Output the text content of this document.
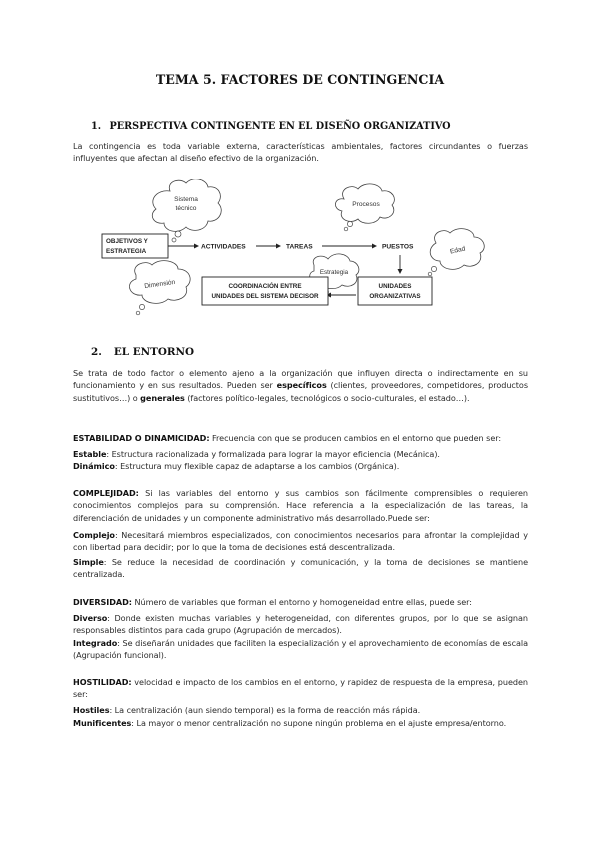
TEMA 5. FACTORES DE CONTINGENCIA
1. PERSPECTIVA CONTINGENTE EN EL DISEÑO ORGANIZATIVO
La contingencia es toda variable externa, características ambientales, factores circundantes o fuerzas influyentes que afectan al diseño efectivo de la organización.
Sistema
técnico
Procesos
Edad
Estrategia
Dimensión
OBJETIVOS Y
ESTRATEGIA
ACTIVIDADES	TAREAS	PUESTOS
UNIDADES
ORGANIZATIVAS
COORDINACIÓN ENTRE
UNIDADES DEL SISTEMA DECISOR
2. EL ENTORNO
Se trata de todo factor o elemento ajeno a la organización que influyen directa o indirectamente en su funcionamiento y en sus resultados. Pueden ser específicos (clientes, proveedores, competidores, productos sustitutivos…) o generales (factores político-legales, tecnológicos o socio-culturales, el estado…).
ESTABILIDAD O DINAMICIDAD: Frecuencia con que se producen cambios en el entorno que pueden ser:
Estable: Estructura racionalizada y formalizada para lograr la mayor eficiencia (Mecánica).
Dinámico: Estructura muy flexible capaz de adaptarse a los cambios (Orgánica).
COMPLEJIDAD: Si las variables del entorno y sus cambios son fácilmente comprensibles o requieren conocimientos complejos para su comprensión. Hace referencia a la especialización de las tareas, la diferenciación de unidades y un componente administrativo más desarrollado.Puede ser:
Complejo: Necesitará miembros especializados, con conocimientos necesarios para afrontar la complejidad y con libertad para decidir; por lo que la toma de decisiones está descentralizada.
Simple: Se reduce la necesidad de coordinación y comunicación, y la toma de decisiones se mantiene centralizada.
DIVERSIDAD: Número de variables que forman el entorno y homogeneidad entre ellas, puede ser:
Diverso: Donde existen muchas variables y heterogeneidad, con diferentes grupos, por lo que se asignan responsables distintos para cada grupo (Agrupación de mercados).
Integrado: Se diseñarán unidades que faciliten la especialización y el aprovechamiento de economías de escala (Agrupación funcional).
HOSTILIDAD: velocidad e impacto de los cambios en el entorno, y rapidez de respuesta de la empresa, pueden ser:
Hostiles: La centralización (aun siendo temporal) es la forma de reacción más rápida.
Munificentes: La mayor o menor centralización no supone ningún problema en el ajuste empresa/entorno.
